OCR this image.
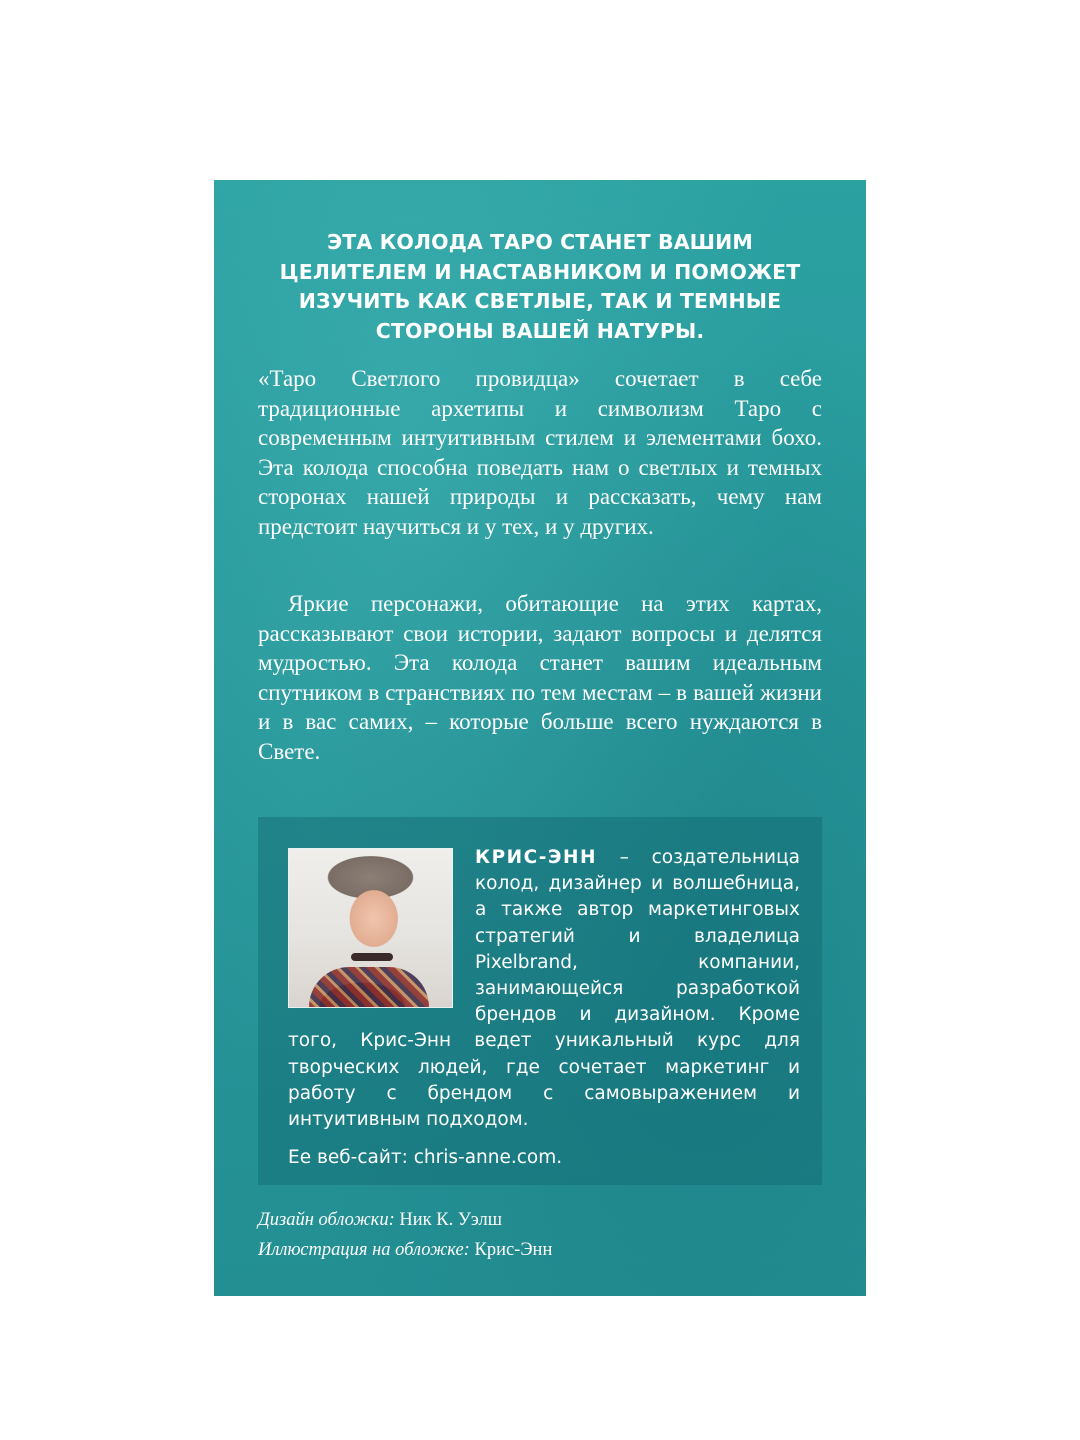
ЭТА КОЛОДА ТАРО СТАНЕТ ВАШИМ ЦЕЛИТЕЛЕМ И НАСТАВНИКОМ И ПОМОЖЕТ ИЗУЧИТЬ КАК СВЕТЛЫЕ, ТАК И ТЕМНЫЕ СТОРОНЫ ВАШЕЙ НАТУРЫ.

«Таро Светлого провидца» сочетает в себе традиционные архетипы и символизм Таро с современным интуитивным стилем и элементами бохо. Эта колода способна поведать нам о светлых и темных сторонах нашей природы и рассказать, чему нам предстоит научиться и у тех, и у других.

Яркие персонажи, обитающие на этих картах, рассказывают свои истории, задают вопросы и делятся мудростью. Эта колода станет вашим идеальным спутником в странствиях по тем местам – в вашей жизни и в вас самих, – которые больше всего нуждаются в Свете.

КРИС-ЭНН – создательница колод, дизайнер и волшебница, а также автор маркетинговых стратегий и владелица Pixelbrand, компании, занимающейся разработкой брендов и дизайном. Кроме того, Крис-Энн ведет уникальный курс для творческих людей, где сочетает маркетинг и работу с брендом с самовыражением и интуитивным подходом.

Ее веб-сайт: chris-anne.com.

Дизайн обложки: Ник К. Уэлш

Иллюстрация на обложке: Крис-Энн
